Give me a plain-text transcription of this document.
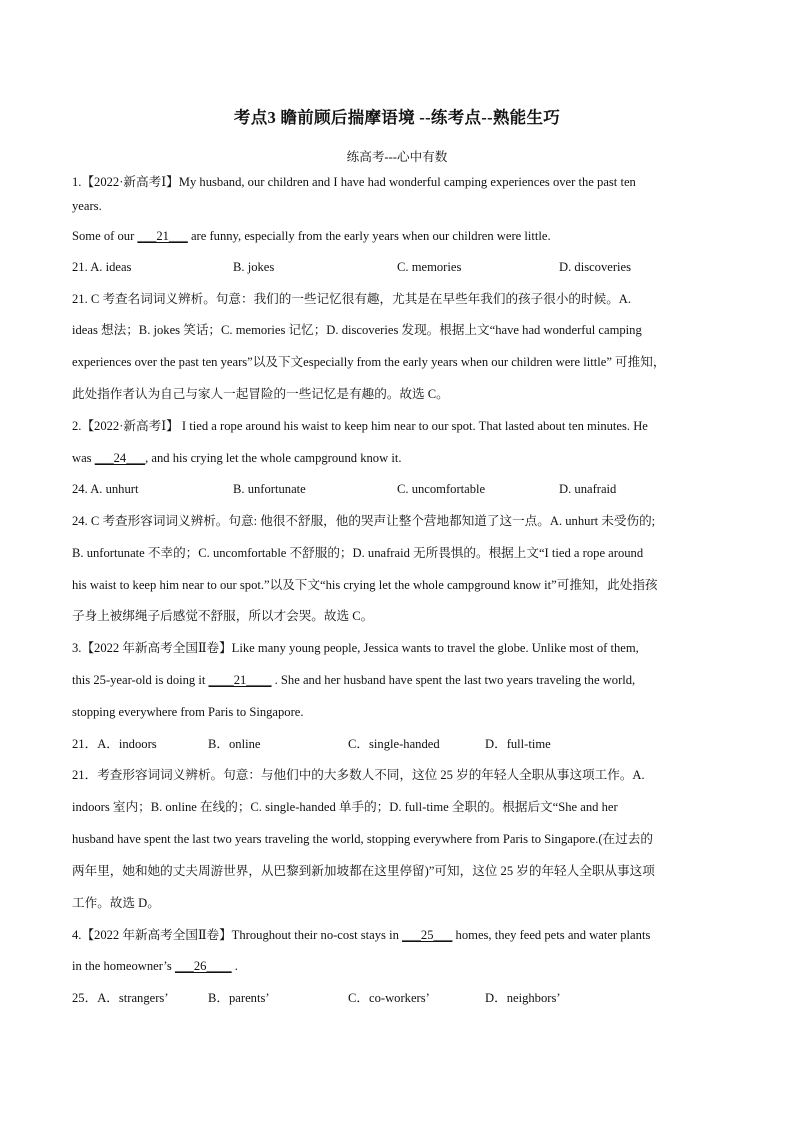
考点3 瞻前顾后揣摩语境 --练考点--熟能生巧
练高考---心中有数
1.【2022·新高考Ⅰ】My husband, our children and I have had wonderful camping experiences over the past ten
years.
Some of our ___21___ are funny, especially from the early years when our children were little.
21. A. ideas	B. jokes	C. memories	D. discoveries
21. C 考查名词词义辨析。句意：我们的一些记忆很有趣，尤其是在早些年我们的孩子很小的时候。A.
ideas 想法；B. jokes 笑话；C. memories 记忆；D. discoveries 发现。根据上文“have had wonderful camping
experiences over the past ten years”以及下文especially from the early years when our children were little” 可推知，
此处指作者认为自己与家人一起冒险的一些记忆是有趣的。故选 C。
2.【2022·新高考Ⅰ】 I tied a rope around his waist to keep him near to our spot. That lasted about ten minutes. He
was ___24___, and his crying let the whole campground know it.
24. A. unhurt	B. unfortunate	C. uncomfortable	D. unafraid
24. C 考查形容词词义辨析。句意: 他很不舒服，他的哭声让整个营地都知道了这一点。A. unhurt 未受伤的;
B. unfortunate 不幸的；C. uncomfortable 不舒服的；D. unafraid 无所畏惧的。根据上文“I tied a rope around
his waist to keep him near to our spot.”以及下文“his crying let the whole campground know it”可推知，此处指孩
子身上被绑绳子后感觉不舒服，所以才会哭。故选 C。
3.【2022 年新高考全国Ⅱ卷】Like many young people, Jessica wants to travel the globe. Unlike most of them,
this 25-year-old is doing it ____21____ . She and her husband have spent the last two years traveling the world,
stopping everywhere from Paris to Singapore.
21．A．indoors	B．online	C．single-handed	D．full-time
21．考查形容词词义辨析。句意：与他们中的大多数人不同，这位 25 岁的年轻人全职从事这项工作。A.
indoors 室内；B. online 在线的；C. single-handed 单手的；D. full-time 全职的。根据后文“She and her
husband have spent the last two years traveling the world, stopping everywhere from Paris to Singapore.(在过去的
两年里，她和她的丈夫周游世界，从巴黎到新加坡都在这里停留)”可知，这位 25 岁的年轻人全职从事这项
工作。故选 D。
4.【2022 年新高考全国Ⅱ卷】Throughout their no-cost stays in ___25___ homes, they feed pets and water plants
in the homeowner’s ___26____ .
25．A．strangers’	B．parents’	C．co-workers’	D．neighbors’
